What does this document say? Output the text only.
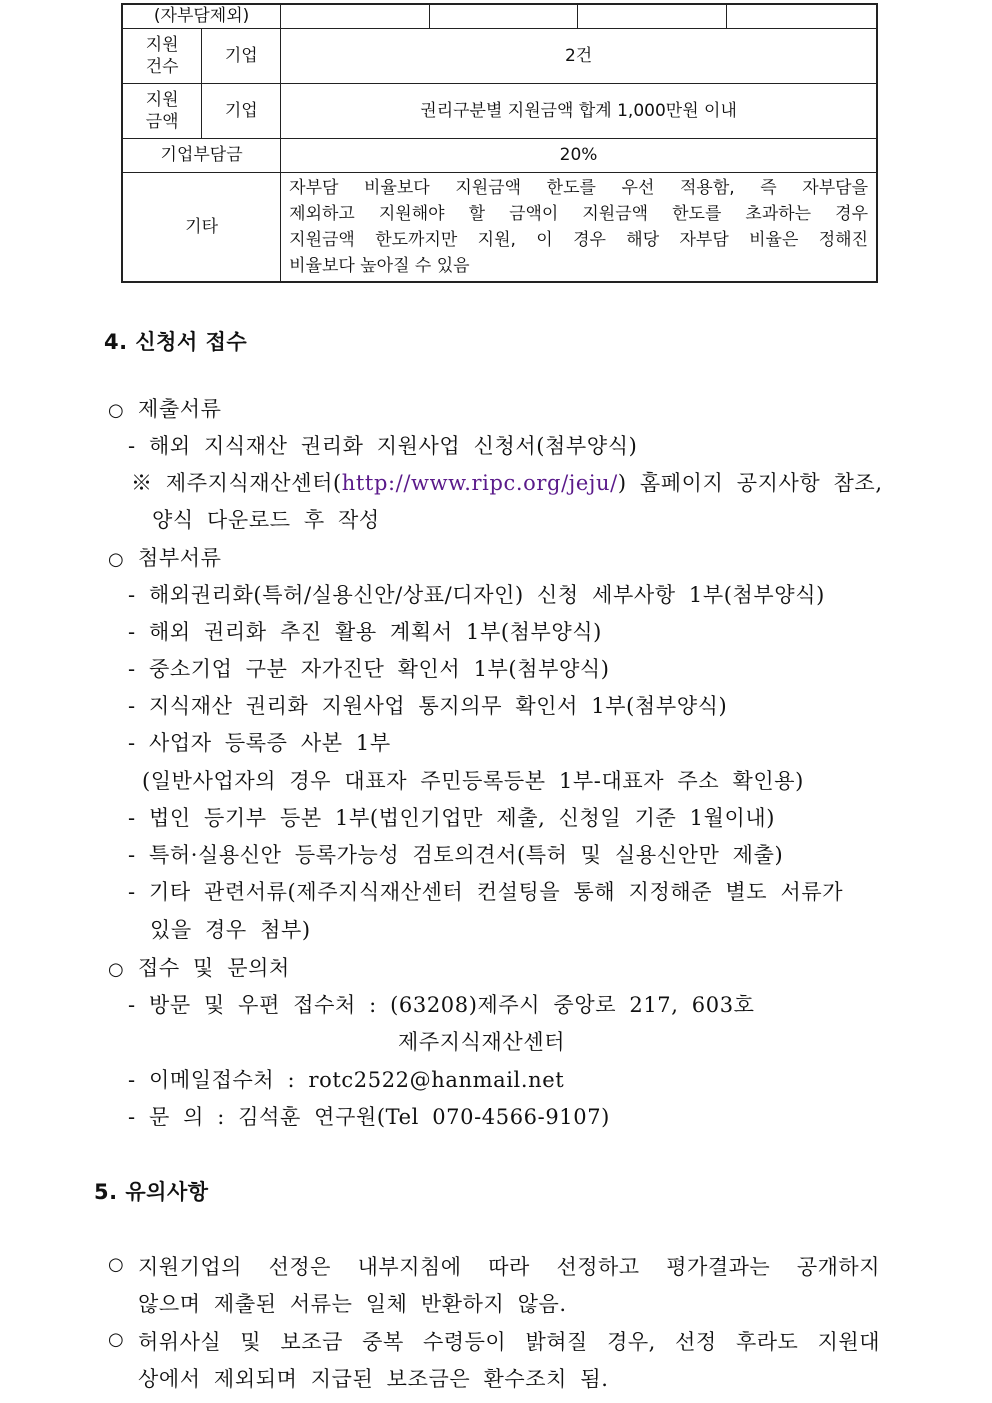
(자부담제외)					
지원
건수	기업	2건			
지원
금액	기업	권리구분별 지원금액 합계 1,000만원 이내			
기업부담금		20%			
기타		자부담 비율보다 지원금액 한도를 우선 적용함, 즉 자부담을
제외하고 지원해야 할 금액이 지원금액 한도를 초과하는 경우
지원금액 한도까지만 지원, 이 경우 해당 자부담 비율은 정해진
비율보다 높아질 수 있음			
4. 신청서 접수
○ 제출서류
- 해외 지식재산 권리화 지원사업 신청서(첨부양식)
※ 제주지식재산센터(http://www.ripc.org/jeju/) 홈페이지 공지사항 참조,
양식 다운로드 후 작성
○ 첨부서류
- 해외권리화(특허/실용신안/상표/디자인) 신청 세부사항 1부(첨부양식)
- 해외 권리화 추진 활용 계획서 1부(첨부양식)
- 중소기업 구분 자가진단 확인서 1부(첨부양식)
- 지식재산 권리화 지원사업 통지의무 확인서 1부(첨부양식)
- 사업자 등록증 사본 1부
(일반사업자의 경우 대표자 주민등록등본 1부-대표자 주소 확인용)
- 법인 등기부 등본 1부(법인기업만 제출, 신청일 기준 1월이내)
- 특허·실용신안 등록가능성 검토의견서(특허 및 실용신안만 제출)
- 기타 관련서류(제주지식재산센터 컨설팅을 통해 지정해준 별도 서류가
있을 경우 첨부)
○ 접수 및 문의처
- 방문 및 우편 접수처 : (63208)제주시 중앙로 217, 603호
제주지식재산센터
- 이메일접수처 : rotc2522@hanmail.net
- 문 의 : 김석훈 연구원(Tel 070-4566-9107)
5. 유의사항
○ 지원기업의 선정은 내부지침에 따라 선정하고 평가결과는 공개하지
않으며 제출된 서류는 일체 반환하지 않음.
○ 허위사실 및 보조금 중복 수령등이 밝혀질 경우, 선정 후라도 지원대
상에서 제외되며 지급된 보조금은 환수조치 됨.
